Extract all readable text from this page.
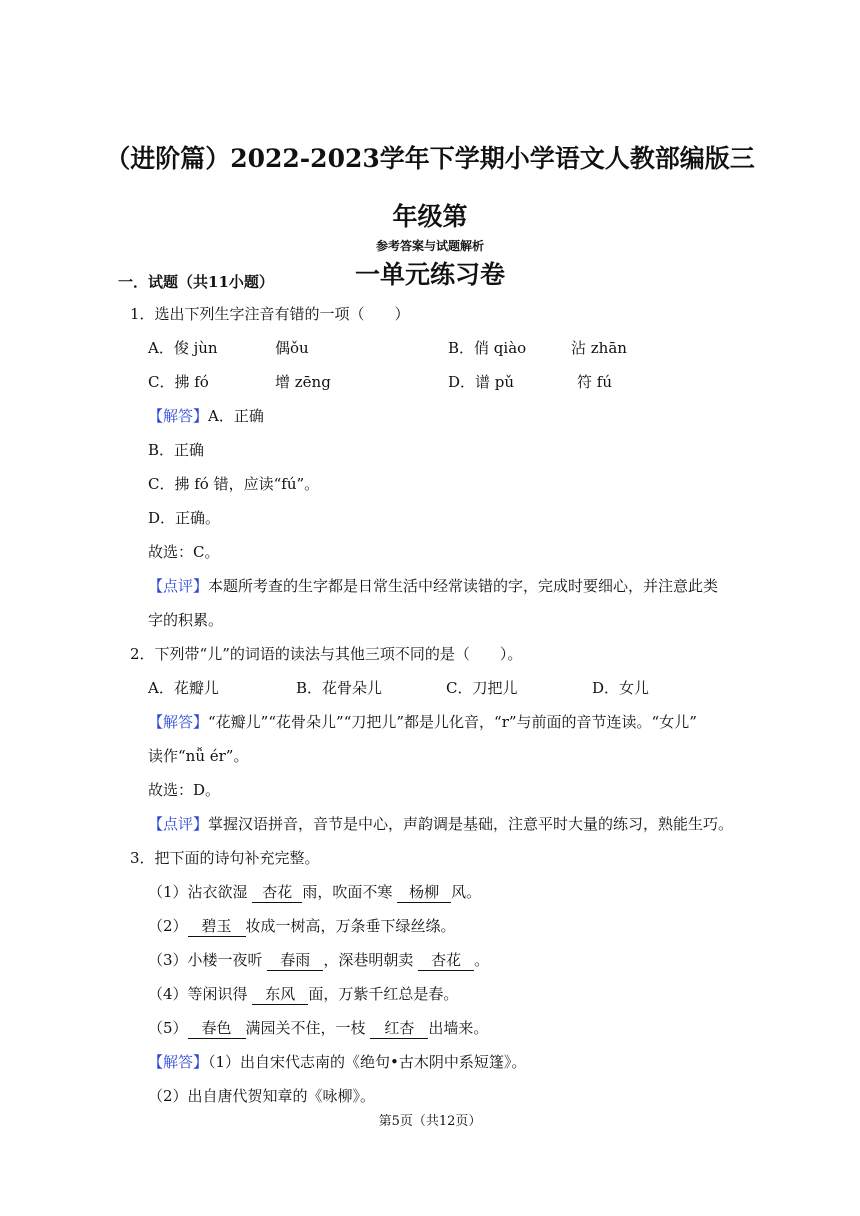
（进阶篇）2022-2023学年下学期小学语文人教部编版三年级第
一单元练习卷
参考答案与试题解析
一．试题（共11小题）
1．选出下列生字注音有错的一项（　　）
A．俊 jùn	偶ǒu	B．俏 qiào	沾 zhān
C．拂 fó	增 zēng	D．谱 pǔ	符 fú
【解答】A．正确
B．正确
C．拂 fó 错，应读“fú”。
D．正确。
故选：C。
【点评】本题所考查的生字都是日常生活中经常读错的字，完成时要细心，并注意此类
字的积累。
2．下列带“儿”的词语的读法与其他三项不同的是（　　）。
A．花瓣儿	B．花骨朵儿	C．刀把儿	D．女儿
【解答】“花瓣儿”“花骨朵儿”“刀把儿”都是儿化音，“r”与前面的音节连读。“女儿”
读作“nǚ ér”。
故选：D。
【点评】掌握汉语拼音，音节是中心，声韵调是基础，注意平时大量的练习，熟能生巧。
3．把下面的诗句补充完整。
（1）沾衣欲湿 杏花 雨，吹面不寒 杨柳 风。
（2） 碧玉 妆成一树高，万条垂下绿丝绦。
（3）小楼一夜听 春雨 ，深巷明朝卖 杏花 。
（4）等闲识得 东风 面，万紫千红总是春。
（5） 春色 满园关不住，一枝 红杏 出墙来。
【解答】（1）出自宋代志南的《绝句•古木阴中系短篷》。
（2）出自唐代贺知章的《咏柳》。
第5页（共12页）
